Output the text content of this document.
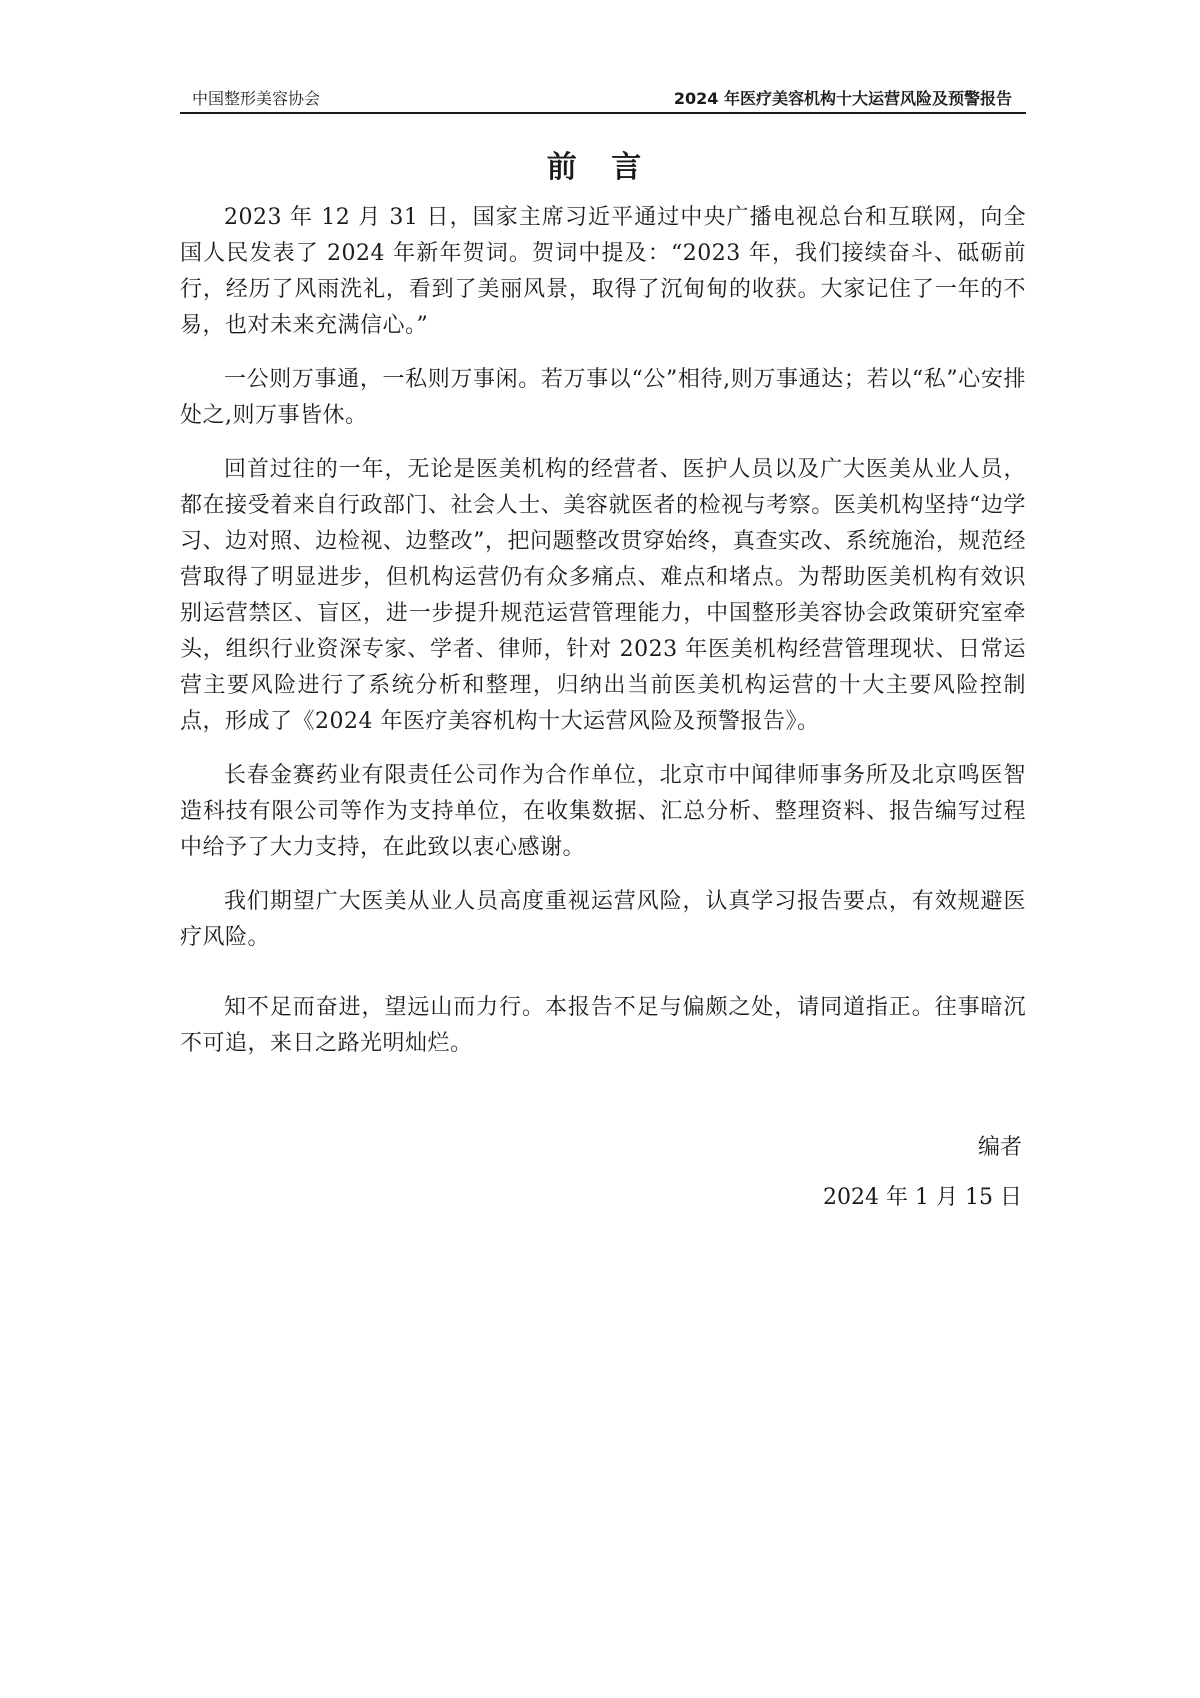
中国整形美容协会	2024 年医疗美容机构十大运营风险及预警报告
前 言

2023 年 12 月 31 日，国家主席习近平通过中央广播电视总台和互联网，向全国人民发表了 2024 年新年贺词。贺词中提及：“2023 年，我们接续奋斗、砥砺前行，经历了风雨洗礼，看到了美丽风景，取得了沉甸甸的收获。大家记住了一年的不易，也对未来充满信心。”

一公则万事通，一私则万事闲。若万事以“公”相待,则万事通达；若以“私”心安排处之,则万事皆休。

回首过往的一年，无论是医美机构的经营者、医护人员以及广大医美从业人员，都在接受着来自行政部门、社会人士、美容就医者的检视与考察。医美机构坚持“边学习、边对照、边检视、边整改”，把问题整改贯穿始终，真查实改、系统施治，规范经营取得了明显进步，但机构运营仍有众多痛点、难点和堵点。为帮助医美机构有效识别运营禁区、盲区，进一步提升规范运营管理能力，中国整形美容协会政策研究室牵头，组织行业资深专家、学者、律师，针对 2023 年医美机构经营管理现状、日常运营主要风险进行了系统分析和整理，归纳出当前医美机构运营的十大主要风险控制点，形成了《2024 年医疗美容机构十大运营风险及预警报告》。

长春金赛药业有限责任公司作为合作单位，北京市中闻律师事务所及北京鸣医智造科技有限公司等作为支持单位，在收集数据、汇总分析、整理资料、报告编写过程中给予了大力支持，在此致以衷心感谢。

我们期望广大医美从业人员高度重视运营风险，认真学习报告要点，有效规避医疗风险。

知不足而奋进，望远山而力行。本报告不足与偏颇之处，请同道指正。往事暗沉不可追，来日之路光明灿烂。

编者
2024 年 1 月 15 日
